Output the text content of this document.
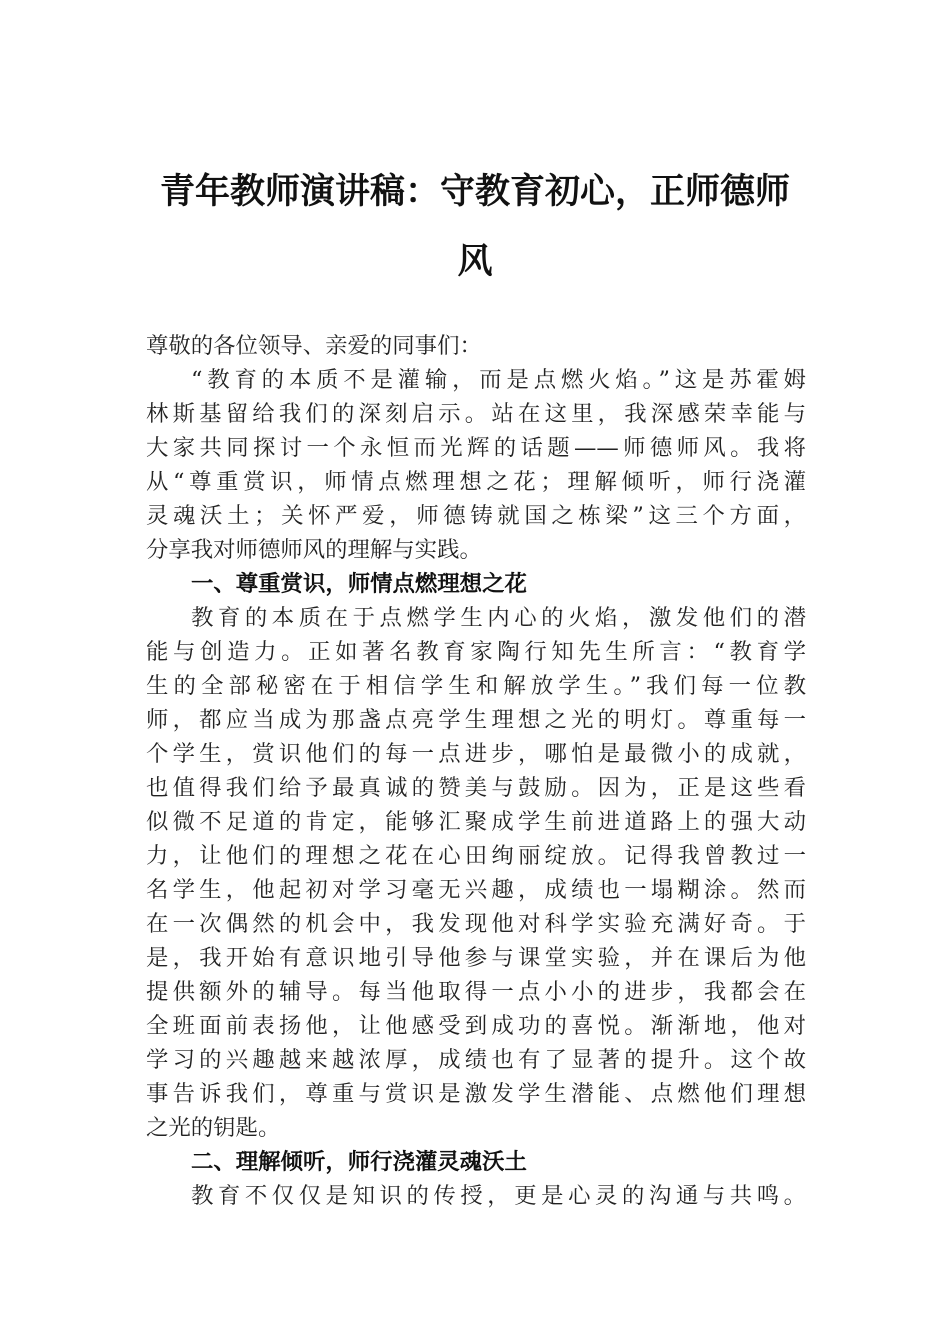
青年教师演讲稿：守教育初心，正师德师
风
尊敬的各位领导、亲爱的同事们：
“教育的本质不是灌输，而是点燃火焰。”这是苏霍姆
林斯基留给我们的深刻启示。站在这里，我深感荣幸能与
大家共同探讨一个永恒而光辉的话题——师德师风。我将
从“尊重赏识，师情点燃理想之花；理解倾听，师行浇灌
灵魂沃土；关怀严爱，师德铸就国之栋梁”这三个方面，
分享我对师德师风的理解与实践。
一、尊重赏识，师情点燃理想之花
教育的本质在于点燃学生内心的火焰，激发他们的潜
能与创造力。正如著名教育家陶行知先生所言：“教育学
生的全部秘密在于相信学生和解放学生。”我们每一位教
师，都应当成为那盏点亮学生理想之光的明灯。尊重每一
个学生，赏识他们的每一点进步，哪怕是最微小的成就，
也值得我们给予最真诚的赞美与鼓励。因为，正是这些看
似微不足道的肯定，能够汇聚成学生前进道路上的强大动
力，让他们的理想之花在心田绚丽绽放。记得我曾教过一
名学生，他起初对学习毫无兴趣，成绩也一塌糊涂。然而
在一次偶然的机会中，我发现他对科学实验充满好奇。于
是，我开始有意识地引导他参与课堂实验，并在课后为他
提供额外的辅导。每当他取得一点小小的进步，我都会在
全班面前表扬他，让他感受到成功的喜悦。渐渐地，他对
学习的兴趣越来越浓厚，成绩也有了显著的提升。这个故
事告诉我们，尊重与赏识是激发学生潜能、点燃他们理想
之光的钥匙。
二、理解倾听，师行浇灌灵魂沃土
教育不仅仅是知识的传授，更是心灵的沟通与共鸣。
